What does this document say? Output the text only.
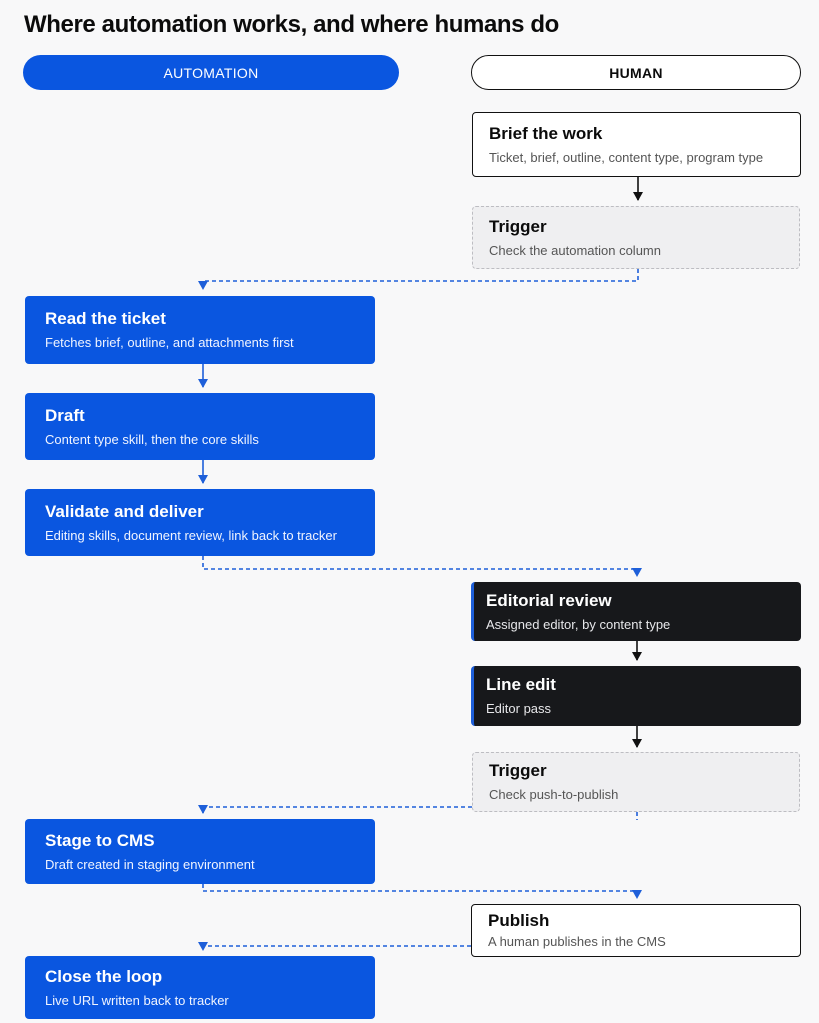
Where automation works, and where humans do
AUTOMATION	HUMAN
Brief the work
Ticket, brief, outline, content type, program type
Trigger
Check the automation column
Read the ticket
Fetches brief, outline, and attachments first
Draft
Content type skill, then the core skills
Validate and deliver
Editing skills, document review, link back to tracker
Editorial review
Assigned editor, by content type
Line edit
Editor pass
Trigger
Check push-to-publish
Stage to CMS
Draft created in staging environment
Publish
A human publishes in the CMS
Close the loop
Live URL written back to tracker
